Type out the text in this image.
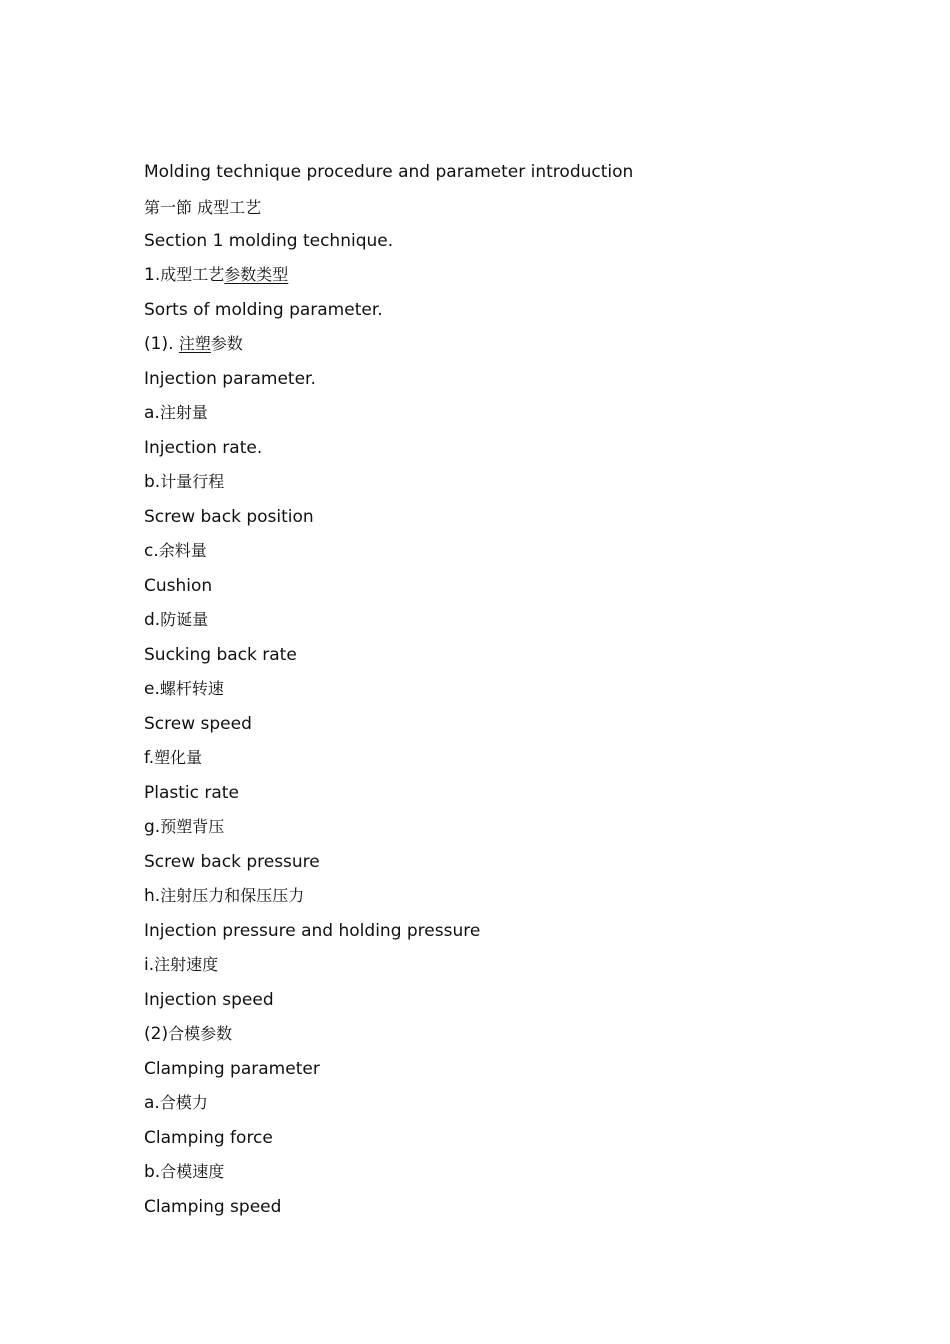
Molding technique procedure and parameter introduction
第一節 成型工艺
Section 1 molding technique.
1.成型工艺参数类型
Sorts of molding parameter.
(1). 注塑参数
Injection parameter.
a.注射量
Injection rate.
b.计量行程
Screw back position
c.余料量
Cushion
d.防诞量
Sucking back rate
e.螺杆转速
Screw speed
f.塑化量
Plastic rate
g.预塑背压
Screw back pressure
h.注射压力和保压压力
Injection pressure and holding pressure
i.注射速度
Injection speed
(2)合模参数
Clamping parameter
a.合模力
Clamping force
b.合模速度
Clamping speed
